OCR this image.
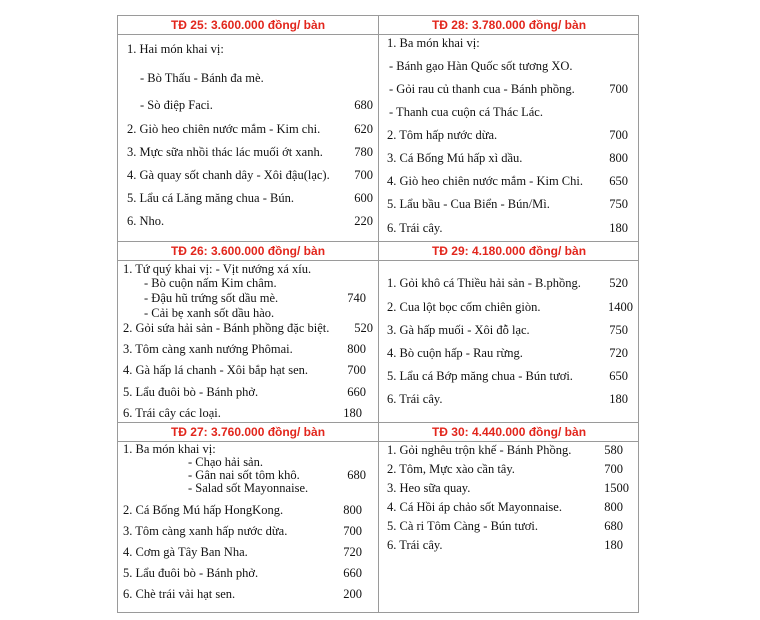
TĐ 25: 3.600.000 đồng/ bàn
1. Hai món khai vị:
- Bò Thấu - Bánh đa mè.
- Sò điệp Faci.	680
2. Giò heo chiên nước mắm - Kim chi.	620
3. Mực sữa nhồi thác lác muối ớt xanh.	780
4. Gà quay sốt chanh dây - Xôi đậu(lạc). 700
5. Lẩu cá Lăng măng chua - Bún.	600
6. Nho.	220
TĐ 28: 3.780.000 đồng/ bàn
1. Ba món khai vị:
- Bánh gạo Hàn Quốc sốt tương XO.
- Gỏi rau củ thanh cua - Bánh phồng.	700
- Thanh cua cuộn cá Thác Lác.
2. Tôm hấp nước dừa.	700
3. Cá Bống Mú hấp xì dầu.	800
4. Giò heo chiên nước mắm - Kim Chi. 650
5. Lẩu bầu - Cua Biển - Bún/Mì.	750
6. Trái cây.	180
TĐ 26: 3.600.000 đồng/ bàn
1. Tứ quý khai vị: - Vịt nướng xá xíu.
- Bò cuộn nấm Kim châm.
- Đậu hũ trứng sốt dầu mè.	740
- Cải bẹ xanh sốt dầu hào.
2. Gỏi sứa hải sản - Bánh phồng đặc biệt. 520
3. Tôm càng xanh nướng Phômai.	800
4. Gà hấp lá chanh - Xôi bắp hạt sen.	700
5. Lẩu đuôi bò - Bánh phở.	660
6. Trái cây các loại.	180
TĐ 29: 4.180.000 đồng/ bàn
1. Gỏi khô cá Thiều hải sản - B.phồng. 520
2. Cua lột bọc cốm chiên giòn.	1400
3. Gà hấp muối - Xôi đỗ lạc.	750
4. Bò cuộn hấp - Rau rừng.	720
5. Lẩu cá Bớp măng chua - Bún tươi.	650
6. Trái cây.	180
TĐ 27: 3.760.000 đồng/ bàn
1. Ba món khai vị:
- Chạo hải sản.
- Gân nai sốt tôm khô.	680
- Salad sốt Mayonnaise.
2. Cá Bống Mú hấp HongKong.	800
3. Tôm càng xanh hấp nước dừa.	700
4. Cơm gà Tây Ban Nha.	720
5. Lẩu đuôi bò - Bánh phở.	660
6. Chè trái vải hạt sen.	200
TĐ 30: 4.440.000 đồng/ bàn
1. Gỏi nghêu trộn khế - Bánh Phồng.	580
2. Tôm, Mực xào cần tây.	700
3. Heo sữa quay.	1500
4. Cá Hồi áp chảo sốt Mayonnaise.	800
5. Cà ri Tôm Càng - Bún tươi.	680
6. Trái cây.	180
